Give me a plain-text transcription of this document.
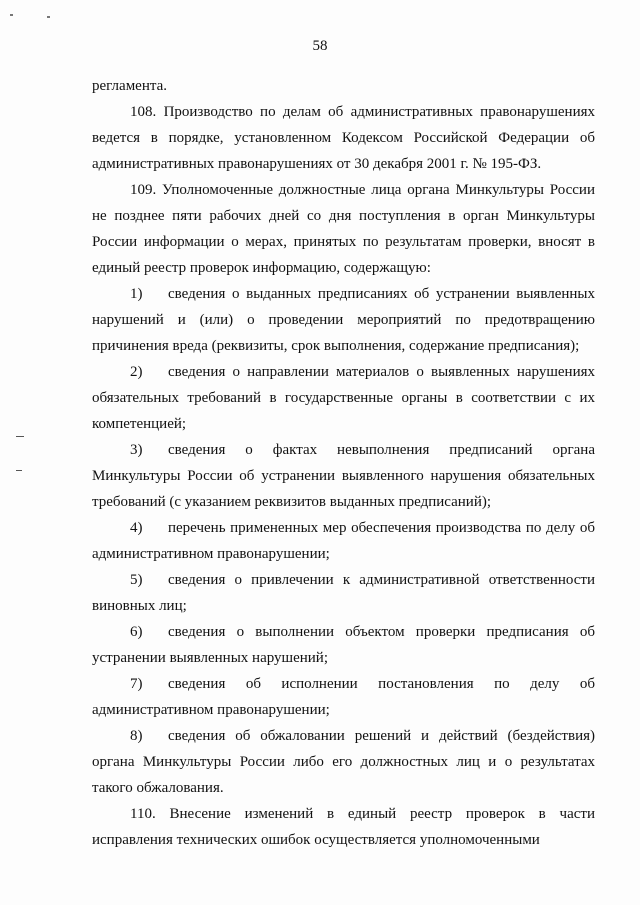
58

регламента.

108. Производство по делам об административных правонарушениях ведется в порядке, установленном Кодексом Российской Федерации об административных правонарушениях от 30 декабря 2001 г. № 195-ФЗ.

109. Уполномоченные должностные лица органа Минкультуры России не позднее пяти рабочих дней со дня поступления в орган Минкультуры России информации о мерах, принятых по результатам проверки, вносят в единый реестр проверок информацию, содержащую:

1) сведения о выданных предписаниях об устранении выявленных нарушений и (или) о проведении мероприятий по предотвращению причинения вреда (реквизиты, срок выполнения, содержание предписания);

2) сведения о направлении материалов о выявленных нарушениях обязательных требований в государственные органы в соответствии с их компетенцией;

3) сведения о фактах невыполнения предписаний органа Минкультуры России об устранении выявленного нарушения обязательных требований (с указанием реквизитов выданных предписаний);

4) перечень примененных мер обеспечения производства по делу об административном правонарушении;

5) сведения о привлечении к административной ответственности виновных лиц;

6) сведения о выполнении объектом проверки предписания об устранении выявленных нарушений;

7) сведения об исполнении постановления по делу об административном правонарушении;

8) сведения об обжаловании решений и действий (бездействия) органа Минкультуры России либо его должностных лиц и о результатах такого обжалования.

110. Внесение изменений в единый реестр проверок в части исправления технических ошибок осуществляется уполномоченными
